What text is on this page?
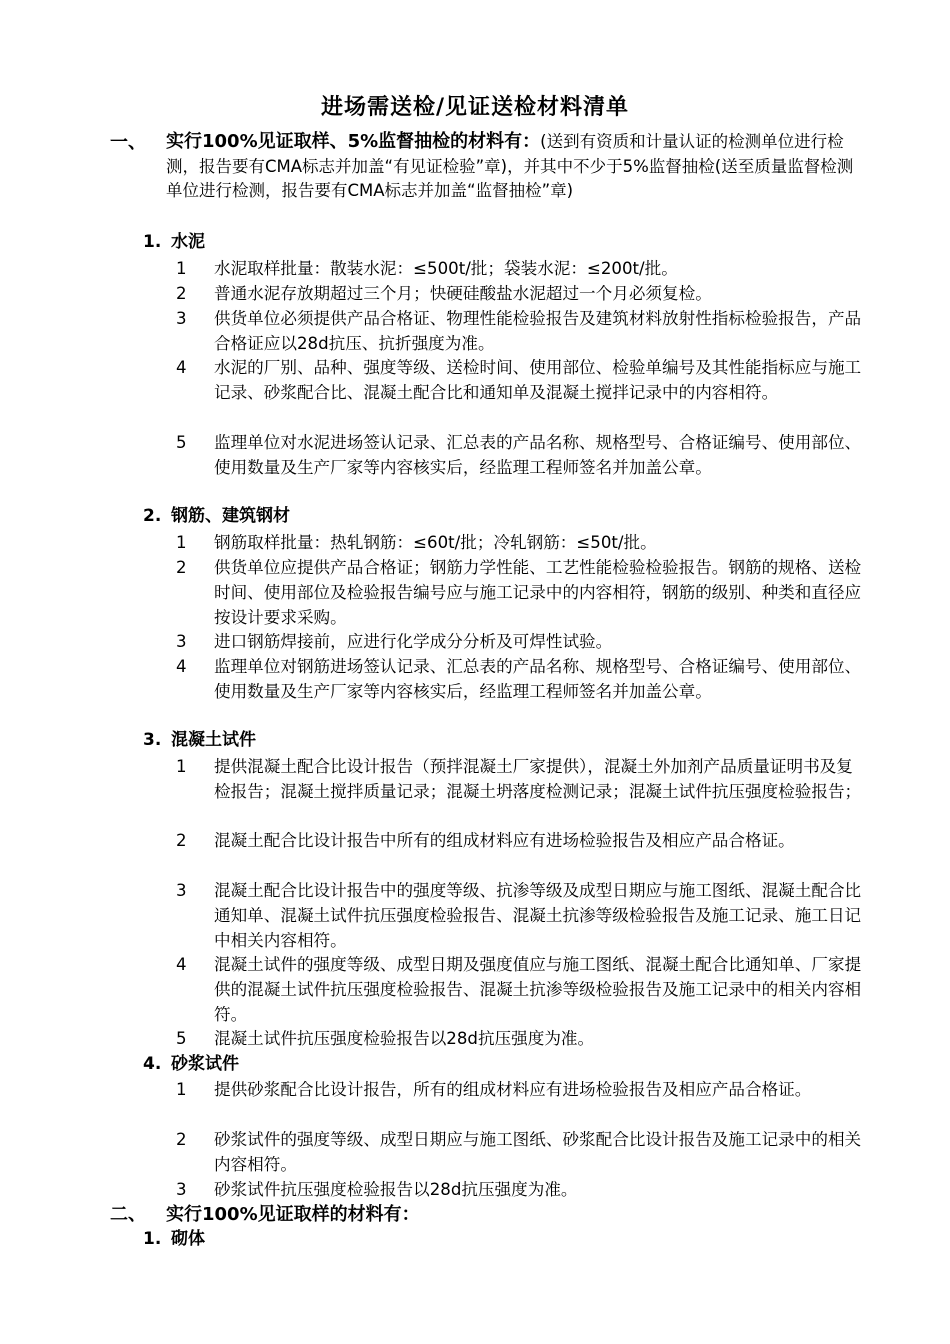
进场需送检/见证送检材料清单
一、 实行100%见证取样、5%监督抽检的材料有：(送到有资质和计量认证的检测单位进行检测，报告要有CMA标志并加盖“有见证检验”章)，并其中不少于5%监督抽检(送至质量监督检测单位进行检测，报告要有CMA标志并加盖“监督抽检”章)
1. 水泥
1	水泥取样批量：散装水泥：≤500t/批；袋装水泥：≤200t/批。
2	普通水泥存放期超过三个月；快硬硅酸盐水泥超过一个月必须复检。
3	供货单位必须提供产品合格证、物理性能检验报告及建筑材料放射性指标检验报告，产品合格证应以28d抗压、抗折强度为准。
4	水泥的厂别、品种、强度等级、送检时间、使用部位、检验单编号及其性能指标应与施工记录、砂浆配合比、混凝土配合比和通知单及混凝土搅拌记录中的内容相符。
5	监理单位对水泥进场签认记录、汇总表的产品名称、规格型号、合格证编号、使用部位、使用数量及生产厂家等内容核实后，经监理工程师签名并加盖公章。
2. 钢筋、建筑钢材
1	钢筋取样批量：热轧钢筋：≤60t/批；冷轧钢筋：≤50t/批。
2	供货单位应提供产品合格证；钢筋力学性能、工艺性能检验检验报告。钢筋的规格、送检时间、使用部位及检验报告编号应与施工记录中的内容相符，钢筋的级别、种类和直径应按设计要求采购。
3	进口钢筋焊接前，应进行化学成分分析及可焊性试验。
4	监理单位对钢筋进场签认记录、汇总表的产品名称、规格型号、合格证编号、使用部位、使用数量及生产厂家等内容核实后，经监理工程师签名并加盖公章。
3. 混凝土试件
1	提供混凝土配合比设计报告（预拌混凝土厂家提供），混凝土外加剂产品质量证明书及复检报告；混凝土搅拌质量记录；混凝土坍落度检测记录；混凝土试件抗压强度检验报告；
2	混凝土配合比设计报告中所有的组成材料应有进场检验报告及相应产品合格证。
3	混凝土配合比设计报告中的强度等级、抗渗等级及成型日期应与施工图纸、混凝土配合比通知单、混凝土试件抗压强度检验报告、混凝土抗渗等级检验报告及施工记录、施工日记中相关内容相符。
4	混凝土试件的强度等级、成型日期及强度值应与施工图纸、混凝土配合比通知单、厂家提供的混凝土试件抗压强度检验报告、混凝土抗渗等级检验报告及施工记录中的相关内容相符。
5	混凝土试件抗压强度检验报告以28d抗压强度为准。
4. 砂浆试件
1	提供砂浆配合比设计报告，所有的组成材料应有进场检验报告及相应产品合格证。
2	砂浆试件的强度等级、成型日期应与施工图纸、砂浆配合比设计报告及施工记录中的相关内容相符。
3	砂浆试件抗压强度检验报告以28d抗压强度为准。
二、 实行100%见证取样的材料有：
1. 砌体
